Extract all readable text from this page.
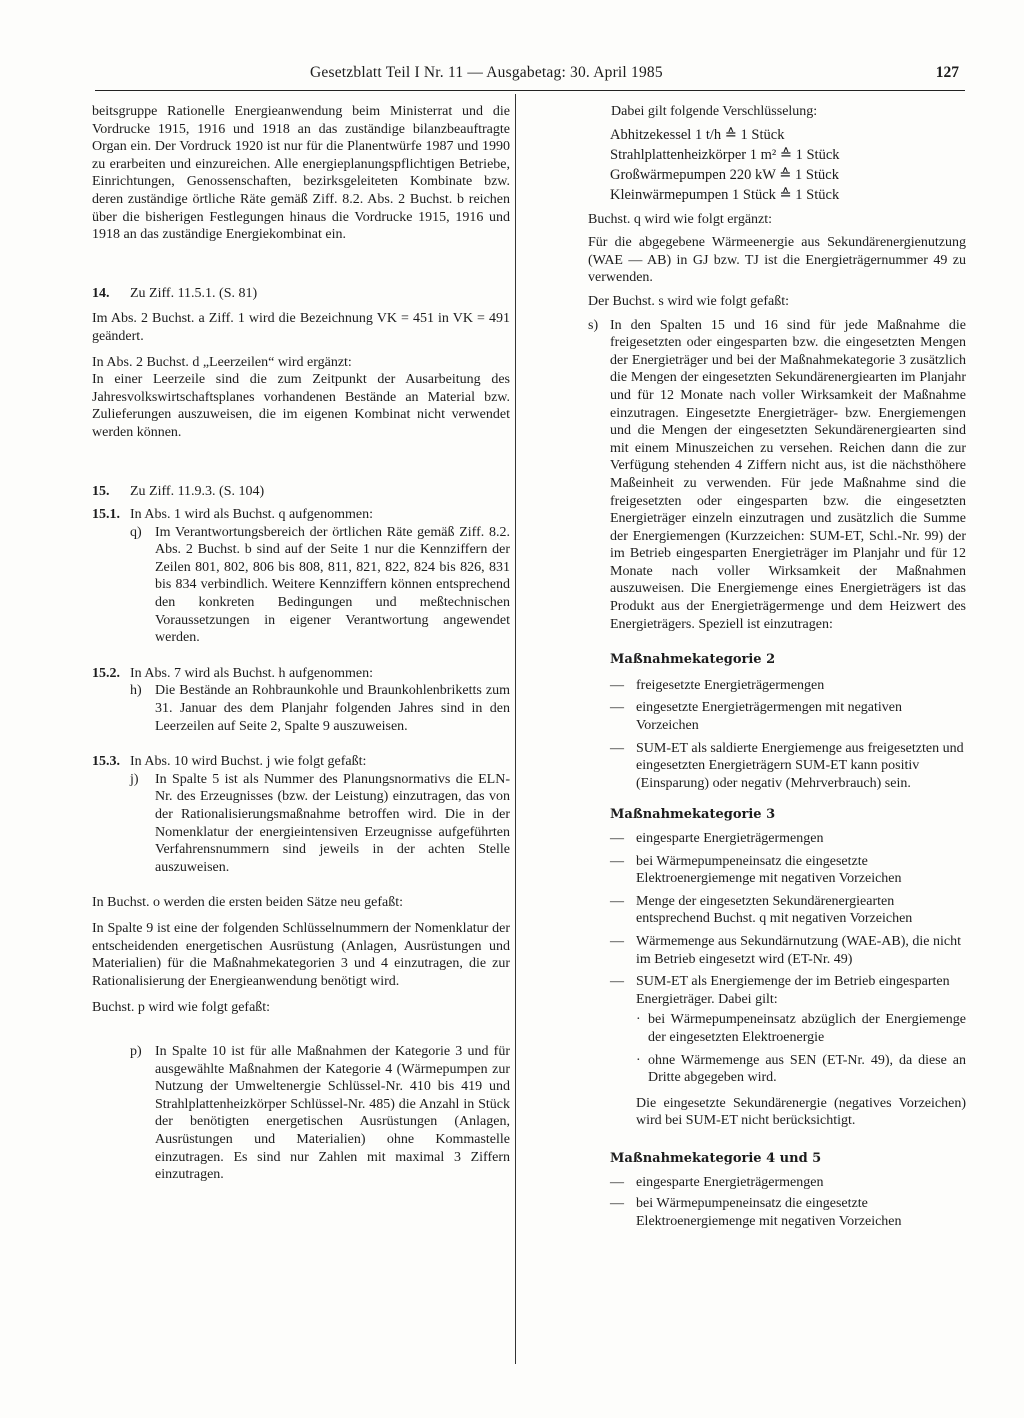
Gesetzblatt Teil I Nr. 11 — Ausgabetag: 30. April 1985	127

beitsgruppe Rationelle Energieanwendung beim Ministerrat und die Vordrucke 1915, 1916 und 1918 an das zuständige bilanzbeauftragte Organ ein. Der Vordruck 1920 ist nur für die Planentwürfe 1987 und 1990 zu erarbeiten und einzureichen. Alle energieplanungspflichtigen Betriebe, Einrichtungen, Genossenschaften, bezirksgeleiteten Kombinate bzw. deren zuständige örtliche Räte gemäß Ziff. 8.2. Abs. 2 Buchst. b reichen über die bisherigen Festlegungen hinaus die Vordrucke 1915, 1916 und 1918 an das zuständige Energiekombinat ein.

14.	Zu Ziff. 11.5.1. (S. 81)

Im Abs. 2 Buchst. a Ziff. 1 wird die Bezeichnung VK = 451 in VK = 491 geändert.

In Abs. 2 Buchst. d „Leerzeilen“ wird ergänzt:

In einer Leerzeile sind die zum Zeitpunkt der Ausarbeitung des Jahresvolkswirtschaftsplanes vorhandenen Bestände an Material bzw. Zulieferungen auszuweisen, die im eigenen Kombinat nicht verwendet werden können.

15.	Zu Ziff. 11.9.3. (S. 104)
15.1. In Abs. 1 wird als Buchst. q aufgenommen:
q) Im Verantwortungsbereich der örtlichen Räte gemäß Ziff. 8.2. Abs. 2 Buchst. b sind auf der Seite 1 nur die Kennziffern der Zeilen 801, 802, 806 bis 808, 811, 821, 822, 824 bis 826, 831 bis 834 verbindlich. Weitere Kennziffern können entsprechend den konkreten Bedingungen und meßtechnischen Voraussetzungen in eigener Verantwortung angewendet werden.
15.2. In Abs. 7 wird als Buchst. h aufgenommen:
h) Die Bestände an Rohbraunkohle und Braunkohlenbriketts zum 31. Januar des dem Planjahr folgenden Jahres sind in den Leerzeilen auf Seite 2, Spalte 9 auszuweisen.
15.3. In Abs. 10 wird Buchst. j wie folgt gefaßt:
j)	In Spalte 5 ist als Nummer des Planungsnormativs die ELN-Nr. des Erzeugnisses (bzw. der Leistung) einzutragen, das von der Rationalisierungsmaßnahme betroffen wird. Die in der Nomenklatur der energieintensiven Erzeugnisse aufgeführten Verfahrensnummern sind jeweils in der achten Stelle auszuweisen.

In Buchst. o werden die ersten beiden Sätze neu gefaßt:

In Spalte 9 ist eine der folgenden Schlüsselnummern der Nomenklatur der entscheidenden energetischen Ausrüstung (Anlagen, Ausrüstungen und Materialien) für die Maßnahmekategorien 3 und 4 einzutragen, die zur Rationalisierung der Energieanwendung benötigt wird.

Buchst. p wird wie folgt gefaßt:

p) In Spalte 10 ist für alle Maßnahmen der Kategorie 3 und für ausgewählte Maßnahmen der Kategorie 4 (Wärmepumpen zur Nutzung der Umweltenergie Schlüssel-Nr. 410 bis 419 und Strahlplattenheizkörper Schlüssel-Nr. 485) die Anzahl in Stück der benötigten energetischen Ausrüstungen (Anlagen, Ausrüstungen und Materialien) ohne Kommastelle einzutragen. Es sind nur Zahlen mit maximal 3 Ziffern einzutragen.

Dabei gilt folgende Verschlüsselung:

Abhitzekessel 1 t/h ≙ 1 Stück
Strahlplattenheizkörper 1 m² ≙ 1 Stück
Großwärmepumpen 220 kW ≙ 1 Stück
Kleinwärmepumpen 1 Stück ≙ 1 Stück

Buchst. q wird wie folgt ergänzt:

Für die abgegebene Wärmeenergie aus Sekundärenergienutzung (WAE — AB) in GJ bzw. TJ ist die Energieträgernummer 49 zu verwenden.

Der Buchst. s wird wie folgt gefaßt:

s) In den Spalten 15 und 16 sind für jede Maßnahme die freigesetzten oder eingesparten bzw. die eingesetzten Mengen der Energieträger und bei der Maßnahmekategorie 3 zusätzlich die Mengen der eingesetzten Sekundärenergiearten im Planjahr und für 12 Monate nach voller Wirksamkeit der Maßnahme einzutragen. Eingesetzte Energieträger- bzw. Energiemengen und die Mengen der eingesetzten Sekundärenergiearten sind mit einem Minuszeichen zu versehen. Reichen dann die zur Verfügung stehenden 4 Ziffern nicht aus, ist die nächsthöhere Maßeinheit zu verwenden. Für jede Maßnahme sind die freigesetzten oder eingesparten bzw. die eingesetzten Energieträger einzeln einzutragen und zusätzlich die Summe der Energiemengen (Kurzzeichen: SUM-ET, Schl.-Nr. 99) der im Betrieb eingesparten Energieträger im Planjahr und für 12 Monate nach voller Wirksamkeit der Maßnahmen auszuweisen. Die Energiemenge eines Energieträgers ist das Produkt aus der Energieträgermenge und dem Heizwert des Energieträgers. Speziell ist einzutragen:
Maßnahmekategorie 2
— freigesetzte Energieträgermengen
— eingesetzte Energieträgermengen mit negativen Vorzeichen
— SUM-ET als saldierte Energiemenge aus freigesetzten und eingesetzten Energieträgern SUM-ET kann positiv (Einsparung) oder negativ (Mehrverbrauch) sein.
Maßnahmekategorie 3
— eingesparte Energieträgermengen
— bei Wärmepumpeneinsatz die eingesetzte Elektroenergiemenge mit negativen Vorzeichen
— Menge der eingesetzten Sekundärenergiearten entsprechend Buchst. q mit negativen Vorzeichen
— Wärmemenge aus Sekundärnutzung (WAE-AB), die nicht im Betrieb eingesetzt wird (ET-Nr. 49)
— SUM-ET als Energiemenge der im Betrieb eingesparten Energieträger. Dabei gilt:
· bei Wärmepumpeneinsatz abzüglich der Energiemenge der eingesetzten Elektroenergie
· ohne Wärmemenge aus SEN (ET-Nr. 49), da diese an Dritte abgegeben wird.

Die eingesetzte Sekundärenergie (negatives Vorzeichen) wird bei SUM-ET nicht berücksichtigt.

Maßnahmekategorie 4 und 5
— eingesparte Energieträgermengen
— bei Wärmepumpeneinsatz die eingesetzte Elektroenergiemenge mit negativen Vorzeichen
